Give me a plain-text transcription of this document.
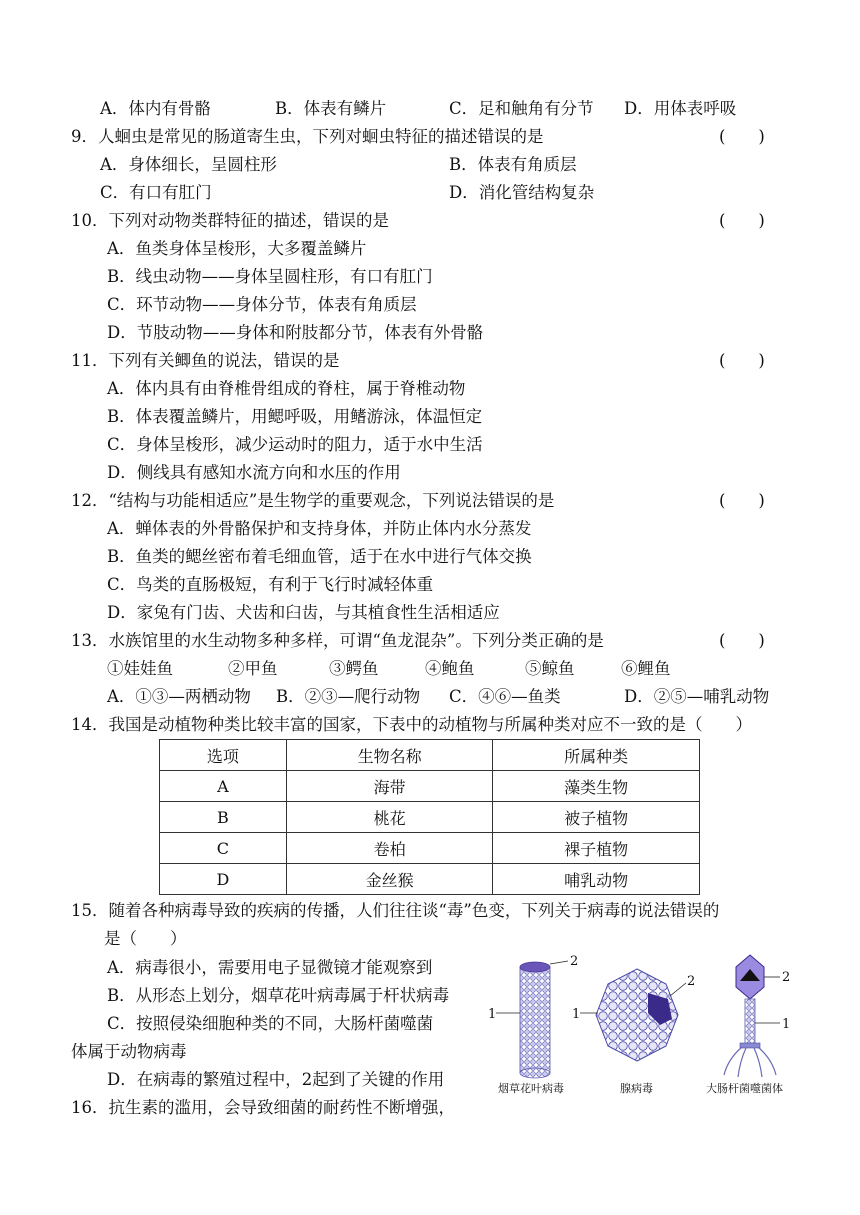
A．体内有骨骼	B．体表有鳞片	C．足和触角有分节 D．用体表呼吸
9．人蛔虫是常见的肠道寄生虫，下列对蛔虫特征的描述错误的是	(　　)
A．身体细长，呈圆柱形	B．体表有角质层
C．有口有肛门	D．消化管结构复杂
10．下列对动物类群特征的描述，错误的是	(　　)
A．鱼类身体呈梭形，大多覆盖鳞片
B．线虫动物——身体呈圆柱形，有口有肛门
C．环节动物——身体分节，体表有角质层
D．节肢动物——身体和附肢都分节，体表有外骨骼
11．下列有关鲫鱼的说法，错误的是	(　　)
A．体内具有由脊椎骨组成的脊柱，属于脊椎动物
B．体表覆盖鳞片，用鳃呼吸，用鳍游泳，体温恒定
C．身体呈梭形，减少运动时的阻力，适于水中生活
D．侧线具有感知水流方向和水压的作用
12．“结构与功能相适应”是生物学的重要观念，下列说法错误的是	(　　)
A．蝉体表的外骨骼保护和支持身体，并防止体内水分蒸发
B．鱼类的鳃丝密布着毛细血管，适于在水中进行气体交换
C．鸟类的直肠极短，有利于飞行时减轻体重
D．家兔有门齿、犬齿和臼齿，与其植食性生活相适应
13．水族馆里的水生动物多种多样，可谓“鱼龙混杂”。下列分类正确的是	(　　)
①娃娃鱼	②甲鱼	③鳄鱼	④鲍鱼	⑤鲸鱼	⑥鲤鱼
A．①③—两栖动物 B．②③—爬行动物 C．④⑥—鱼类	D．②⑤—哺乳动物
14．我国是动植物种类比较丰富的国家，下表中的动植物与所属种类对应不一致的是（　　）
选项	生物名称	所属种类
A	海带	藻类生物
B	桃花	被子植物
C	卷柏	裸子植物
D	金丝猴	哺乳动物
15．随着各种病毒导致的疾病的传播，人们往往谈“毒”色变，下列关于病毒的说法错误的
是（　　）
A．病毒很小，需要用电子显微镜才能观察到
B．从形态上划分，烟草花叶病毒属于杆状病毒
C．按照侵染细胞种类的不同，大肠杆菌噬菌
体属于动物病毒
D．在病毒的繁殖过程中，2起到了关键的作用
2
1
2
1
2
1
烟草花叶病毒	腺病毒	大肠杆菌噬菌体
16．抗生素的滥用，会导致细菌的耐药性不断增强，
